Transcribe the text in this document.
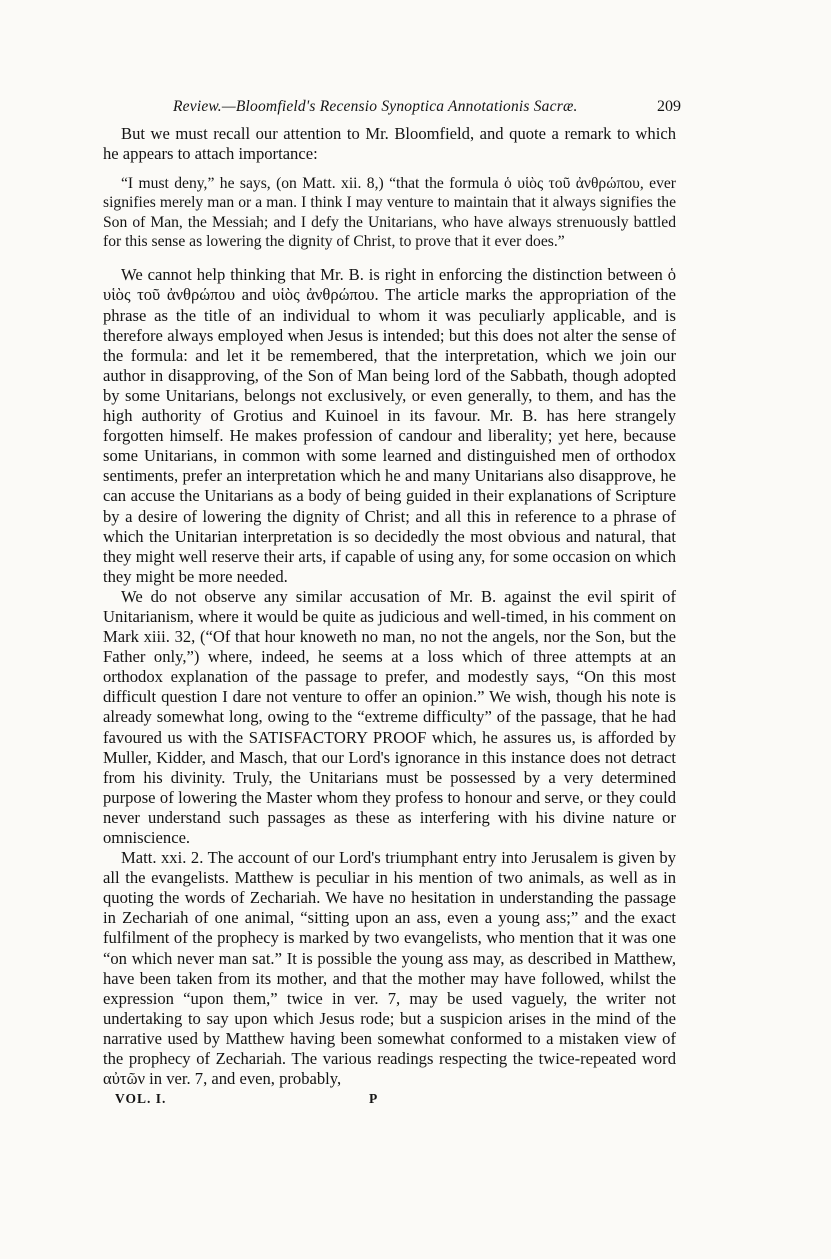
Review.—Bloomfield's Recensio Synoptica Annotationis Sacræ.	209

But we must recall our attention to Mr. Bloomfield, and quote a remark to which he appears to attach importance:

“I must deny,” he says, (on Matt. xii. 8,) “that the formula ὁ υἱὸς τοῦ ἀνθρώπου, ever signifies merely man or a man. I think I may venture to maintain that it always signifies the Son of Man, the Messiah; and I defy the Unitarians, who have always strenuously battled for this sense as lowering the dignity of Christ, to prove that it ever does.”

We cannot help thinking that Mr. B. is right in enforcing the distinction between ὁ υἱὸς τοῦ ἀνθρώπου and υἱὸς ἀνθρώπου. The article marks the appropriation of the phrase as the title of an individual to whom it was peculiarly applicable, and is therefore always employed when Jesus is intended; but this does not alter the sense of the formula: and let it be remembered, that the interpretation, which we join our author in disapproving, of the Son of Man being lord of the Sabbath, though adopted by some Unitarians, belongs not exclusively, or even generally, to them, and has the high authority of Grotius and Kuinoel in its favour. Mr. B. has here strangely forgotten himself. He makes profession of candour and liberality; yet here, because some Unitarians, in common with some learned and distinguished men of orthodox sentiments, prefer an interpretation which he and many Unitarians also disapprove, he can accuse the Unitarians as a body of being guided in their explanations of Scripture by a desire of lowering the dignity of Christ; and all this in reference to a phrase of which the Unitarian interpretation is so decidedly the most obvious and natural, that they might well reserve their arts, if capable of using any, for some occasion on which they might be more needed.

We do not observe any similar accusation of Mr. B. against the evil spirit of Unitarianism, where it would be quite as judicious and well-timed, in his comment on Mark xiii. 32, (“Of that hour knoweth no man, no not the angels, nor the Son, but the Father only,”) where, indeed, he seems at a loss which of three attempts at an orthodox explanation of the passage to prefer, and modestly says, “On this most difficult question I dare not venture to offer an opinion.” We wish, though his note is already somewhat long, owing to the “extreme difficulty” of the passage, that he had favoured us with the SATISFACTORY PROOF which, he assures us, is afforded by Muller, Kidder, and Masch, that our Lord's ignorance in this instance does not detract from his divinity. Truly, the Unitarians must be possessed by a very determined purpose of lowering the Master whom they profess to honour and serve, or they could never understand such passages as these as interfering with his divine nature or omniscience.

Matt. xxi. 2. The account of our Lord's triumphant entry into Jerusalem is given by all the evangelists. Matthew is peculiar in his mention of two animals, as well as in quoting the words of Zechariah. We have no hesitation in understanding the passage in Zechariah of one animal, “sitting upon an ass, even a young ass;” and the exact fulfilment of the prophecy is marked by two evangelists, who mention that it was one “on which never man sat.” It is possible the young ass may, as described in Matthew, have been taken from its mother, and that the mother may have followed, whilst the expression “upon them,” twice in ver. 7, may be used vaguely, the writer not undertaking to say upon which Jesus rode; but a suspicion arises in the mind of the narrative used by Matthew having been somewhat conformed to a mistaken view of the prophecy of Zechariah. The various readings respecting the twice-repeated word αὐτῶν in ver. 7, and even, probably,

VOL. I.	P
